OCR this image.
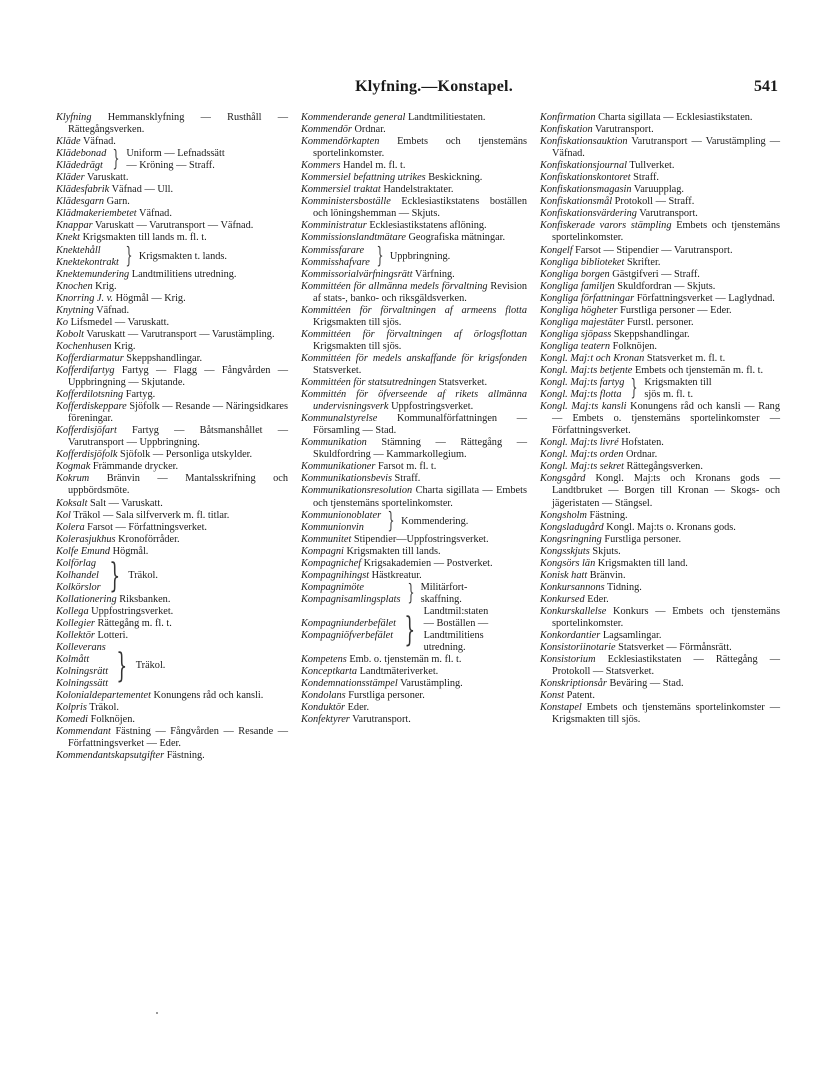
Klyfning.—Konstapel.	541

Klyfning Hemmansklyfning — Rusthåll — Rättegångsverken.

Kläde Väfnad.

Klädebonad
Klädedrägt } Uniform — Lefnadssätt
— Kröning — Straff.

Kläder Varuskatt.

Klädesfabrik Väfnad — Ull.

Klädesgarn Garn.

Klädmakeriembetet Väfnad.

Knappar Varuskatt — Varutransport — Väfnad.

Knekt Krigsmakten till lands m. fl. t.

Knektehåll
Knektekontrakt } Krigsmakten t. lands.

Knektemundering Landtmilitiens utredning.

Knochen Krig.

Knorring J. v. Högmål — Krig.

Knytning Väfnad.

Ko Lifsmedel — Varuskatt.

Kobolt Varuskatt — Varutransport — Varustämpling.

Kochenhusen Krig.

Kofferdiarmatur Skeppshandlingar.

Kofferdifartyg Fartyg — Flagg — Fångvården — Uppbringning — Skjutande.

Kofferdilotsning Fartyg.

Kofferdiskeppare Sjöfolk — Resande — Näringsidkares föreningar.

Kofferdisjöfart Fartyg — Båtsmanshållet — Varutransport — Uppbringning.

Kofferdisjöfolk Sjöfolk — Personliga utskylder.

Kogmak Främmande drycker.

Kokrum Bränvin — Mantalsskrifning och uppbördsmöte.

Koksalt Salt — Varuskatt.

Kol Träkol — Sala silfververk m. fl. titlar.

Kolera Farsot — Författningsverket.

Kolerasjukhus Kronoförråder.

Kolfe Emund Högmål.

Kolförlag
Kolhandel
Kolkörslor } Träkol.

Kollationering Riksbanken.

Kollega Uppfostringsverket.

Kollegier Rättegång m. fl. t.

Kollektör Lotteri.

Kolleverans
Kolmått
Kolningsrätt
Kolningssätt } Träkol.

Kolonialdepartementet Konungens råd och kansli.

Kolpris Träkol.

Komedi Folknöjen.

Kommendant Fästning — Fångvården — Resande — Författningsverket — Eder.

Kommendantskapsutgifter Fästning.

Kommenderande general Landtmilitiestaten.

Kommendör Ordnar.

Kommendörkapten Embets och tjenstemäns sportelinkomster.

Kommers Handel m. fl. t.

Kommersiel befattning utrikes Beskickning.

Kommersiel traktat Handelstraktater.

Komministersboställe Ecklesiastikstatens boställen och löningshemman — Skjuts.

Komministratur Ecklesiastikstatens aflöning.

Kommissionslandtmätare Geografiska mätningar.

Kommissfarare
Kommisshafvare } Uppbringning.

Kommissorialvärfningsrätt Värfning.

Kommittéen för allmänna medels förvaltning Revision af stats-, banko- och riksgäldsverken.

Kommittéen för förvaltningen af armeens flotta Krigsmakten till sjös.

Kommittéen för förvaltningen af örlogsflottan Krigsmakten till sjös.

Kommittéen för medels anskaffande för krigsfonden Statsverket.

Kommittéen för statsutredningen Statsverket.

Kommittén för öfverseende af rikets allmänna undervisningsverk Uppfostringsverket.

Kommunalstyrelse Kommunalförfattningen — Församling — Stad.

Kommunikation Stämning — Rättegång — Skuldfordring — Kammarkollegium.

Kommunikationer Farsot m. fl. t.

Kommunikationsbevis Straff.

Kommunikationsresolution Charta sigillata — Embets och tjenstemäns sportelinkomster.

Kommunionoblater
Kommunionvin	} Kommendering.

Kommunitet Stipendier—Uppfostringsverket.

Kompagni Krigsmakten till lands.

Kompagnichef Krigsakademien — Postverket.

Kompagnihingst Hästkreatur.

Kompagnimöte
Kompagnisamlingsplats } Militärfort-
skaffning.
Kompagniunderbefälet
Kompagniöfverbefälet } Landtmil:staten
— Boställen —
Landtmilitiens
utredning.

Kompetens Emb. o. tjenstemän m. fl. t.

Konceptkarta Landtmäteriverket.

Kondemnationsstämpel Varustämpling.

Kondolans Furstliga personer.

Konduktör Eder.

Konfektyrer Varutransport.

Konfirmation Charta sigillata — Ecklesiastikstaten.

Konfiskation Varutransport.

Konfiskationsauktion Varutransport — Varustämpling — Väfnad.

Konfiskationsjournal Tullverket.

Konfiskationskontoret Straff.

Konfiskationsmagasin Varuupplag.

Konfiskationsmål Protokoll — Straff.

Konfiskationsvärdering Varutransport.

Konfiskerade varors stämpling Embets och tjenstemäns sportelinkomster.

Kongelf Farsot — Stipendier — Varutransport.

Kongliga biblioteket Skrifter.

Kongliga borgen Gästgifveri — Straff.

Kongliga familjen Skuldfordran — Skjuts.

Kongliga författningar Författningsverket — Laglydnad.

Kongliga högheter Furstliga personer — Eder.

Kongliga majestäter Furstl. personer.

Kongliga sjöpass Skeppshandlingar.

Kongliga teatern Folknöjen.

Kongl. Maj:t och Kronan Statsverket m. fl. t.

Kongl. Maj:ts betjente Embets och tjenstemän m. fl. t.

Kongl. Maj:ts fartyg
Kongl. Maj:ts flotta } Krigsmakten till
sjös m. fl. t.

Kongl. Maj:ts kansli Konungens råd och kansli — Rang — Embets o. tjenstemäns sportelinkomster — Författningsverket.

Kongl. Maj:ts livré Hofstaten.

Kongl. Maj:ts orden Ordnar.

Kongl. Maj:ts sekret Rättegångsverken.

Kongsgård Kongl. Maj:ts och Kronans gods — Landtbruket — Borgen till Kronan — Skogs- och jägeristaten — Stängsel.

Kongsholm Fästning.

Kongsladugård Kongl. Maj:ts o. Kronans gods.

Kongsringning Furstliga personer.

Kongsskjuts Skjuts.

Kongsörs län Krigsmakten till land.

Konisk hatt Bränvin.

Konkursannons Tidning.

Konkursed Eder.

Konkurskallelse Konkurs — Embets och tjenstemäns sportelinkomster.

Konkordantier Lagsamlingar.

Konsistoriinotarie Statsverket — Förmånsrätt.

Konsistorium Ecklesiastikstaten — Rättegång — Protokoll — Statsverket.

Konskriptionsår Beväring — Stad.

Konst Patent.

Konstapel Embets och tjenstemäns sportelinkomster — Krigsmakten till sjös.
